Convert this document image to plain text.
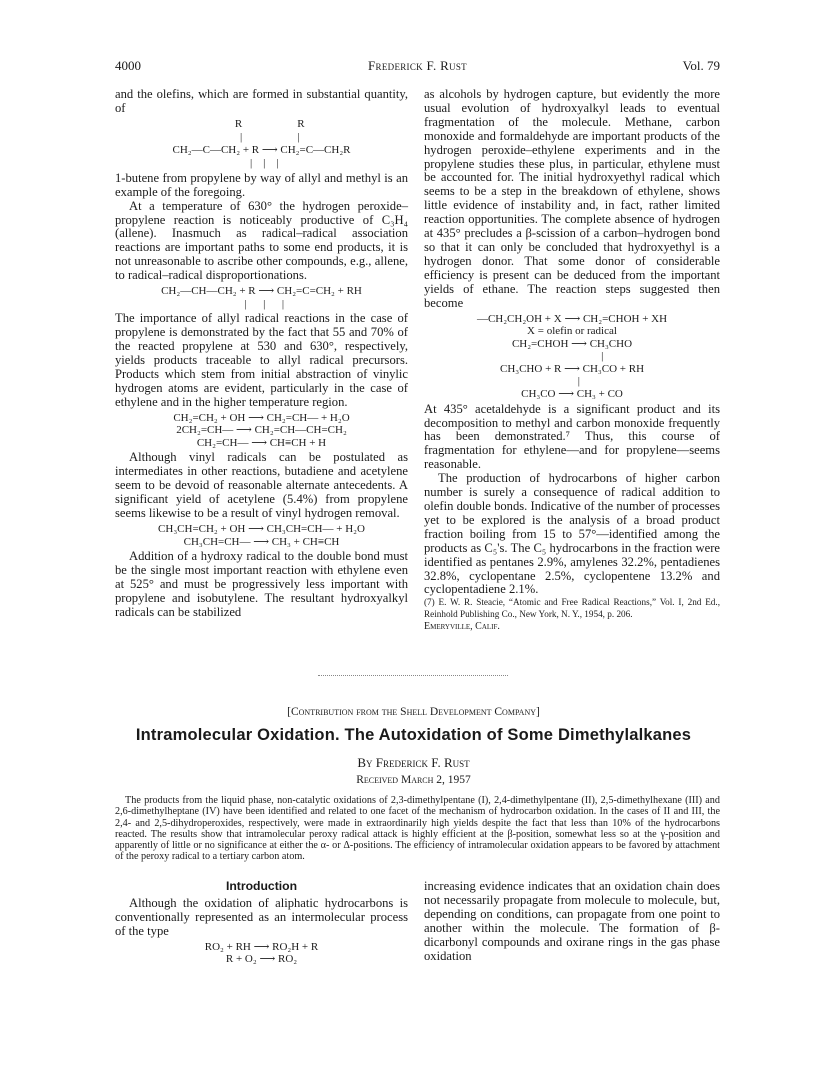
4000	Frederick F. Rust	Vol. 79

and the olefins, which are formed in substantial quantity, of

R                    R
|                    |
CH₂—C—CH₂ + R ⟶ CH₂=C—CH₂R
|    |    |

1-butene from propylene by way of allyl and methyl is an example of the foregoing.

At a temperature of 630° the hydrogen peroxide–propylene reaction is noticeably productive of C₃H₄ (allene). Inasmuch as radical–radical association reactions are important paths to some end products, it is not unreasonable to ascribe other compounds, e.g., allene, to radical–radical disproportionations.

CH₂—CH—CH₂ + R ⟶ CH₂=C=CH₂ + RH
|      |      |

The importance of allyl radical reactions in the case of propylene is demonstrated by the fact that 55 and 70% of the reacted propylene at 530 and 630°, respectively, yields products traceable to allyl radical precursors. Products which stem from initial abstraction of vinylic hydrogen atoms are evident, particularly in the case of ethylene and in the higher temperature region.

CH₂=CH₂ + OH ⟶ CH₂=CH— + H₂O
2CH₂=CH— ⟶ CH₂=CH—CH=CH₂
CH₂=CH— ⟶ CH≡CH + H

Although vinyl radicals can be postulated as intermediates in other reactions, butadiene and acetylene seem to be devoid of reasonable alternate antecedents. A significant yield of acetylene (5.4%) from propylene seems likewise to be a result of vinyl hydrogen removal.

CH₃CH=CH₂ + OH ⟶ CH₃CH=CH— + H₂O
CH₃CH=CH— ⟶ CH₃ + CH≡CH

Addition of a hydroxy radical to the double bond must be the single most important reaction with ethylene even at 525° and must be progressively less important with propylene and isobutylene. The resultant hydroxyalkyl radicals can be stabilized

as alcohols by hydrogen capture, but evidently the more usual evolution of hydroxyalkyl leads to eventual fragmentation of the molecule. Methane, carbon monoxide and formaldehyde are important products of the hydrogen peroxide–ethylene experiments and in the propylene studies these plus, in particular, ethylene must be accounted for. The initial hydroxyethyl radical which seems to be a step in the breakdown of ethylene, shows little evidence of instability and, in fact, rather limited reaction opportunities. The complete absence of hydrogen at 435° precludes a β-scission of a carbon–hydrogen bond so that it can only be concluded that hydroxyethyl is a hydrogen donor. That some donor of considerable efficiency is present can be deduced from the important yields of ethane. The reaction steps suggested then become

—CH₂CH₂OH + X ⟶ CH₂=CHOH + XH
X = olefin or radical
CH₂=CHOH ⟶ CH₃CHO
|
CH₃CHO + R ⟶ CH₃CO + RH
|
CH₃CO ⟶ CH₃ + CO

At 435° acetaldehyde is a significant product and its decomposition to methyl and carbon monoxide frequently has been demonstrated.⁷ Thus, this course of fragmentation for ethylene—and for propylene—seems reasonable.

The production of hydrocarbons of higher carbon number is surely a consequence of radical addition to olefin double bonds. Indicative of the number of processes yet to be explored is the analysis of a broad product fraction boiling from 15 to 57°—identified among the products as C₅'s. The C₅ hydrocarbons in the fraction were identified as pentanes 2.9%, amylenes 32.2%, pentadienes 32.8%, cyclopentane 2.5%, cyclopentene 13.2% and cyclopentadiene 2.1%.

(7) E. W. R. Steacie, “Atomic and Free Radical Reactions,” Vol. I, 2nd Ed., Reinhold Publishing Co., New York, N. Y., 1954, p. 206.

Emeryville, Calif.

[Contribution from the Shell Development Company]
Intramolecular Oxidation. The Autoxidation of Some Dimethylalkanes
By Frederick F. Rust
Received March 2, 1957
The products from the liquid phase, non-catalytic oxidations of 2,3-dimethylpentane (I), 2,4-dimethylpentane (II), 2,5-dimethylhexane (III) and 2,6-dimethylheptane (IV) have been identified and related to one facet of the mechanism of hydrocarbon oxidation. In the cases of II and III, the 2,4- and 2,5-dihydroperoxides, respectively, were made in extraordinarily high yields despite the fact that less than 10% of the hydrocarbons reacted. The results show that intramolecular peroxy radical attack is highly efficient at the β-position, somewhat less so at the γ-position and apparently of little or no significance at either the α- or Δ-positions. The efficiency of intramolecular oxidation appears to be favored by attachment of the peroxy radical to a tertiary carbon atom.
Introduction

Although the oxidation of aliphatic hydrocarbons is conventionally represented as an intermolecular process of the type

RO₂ + RH ⟶ RO₂H + R
R + O₂ ⟶ RO₂

increasing evidence indicates that an oxidation chain does not necessarily propagate from molecule to molecule, but, depending on conditions, can propagate from one point to another within the molecule. The formation of β-dicarbonyl compounds and oxirane rings in the gas phase oxidation
